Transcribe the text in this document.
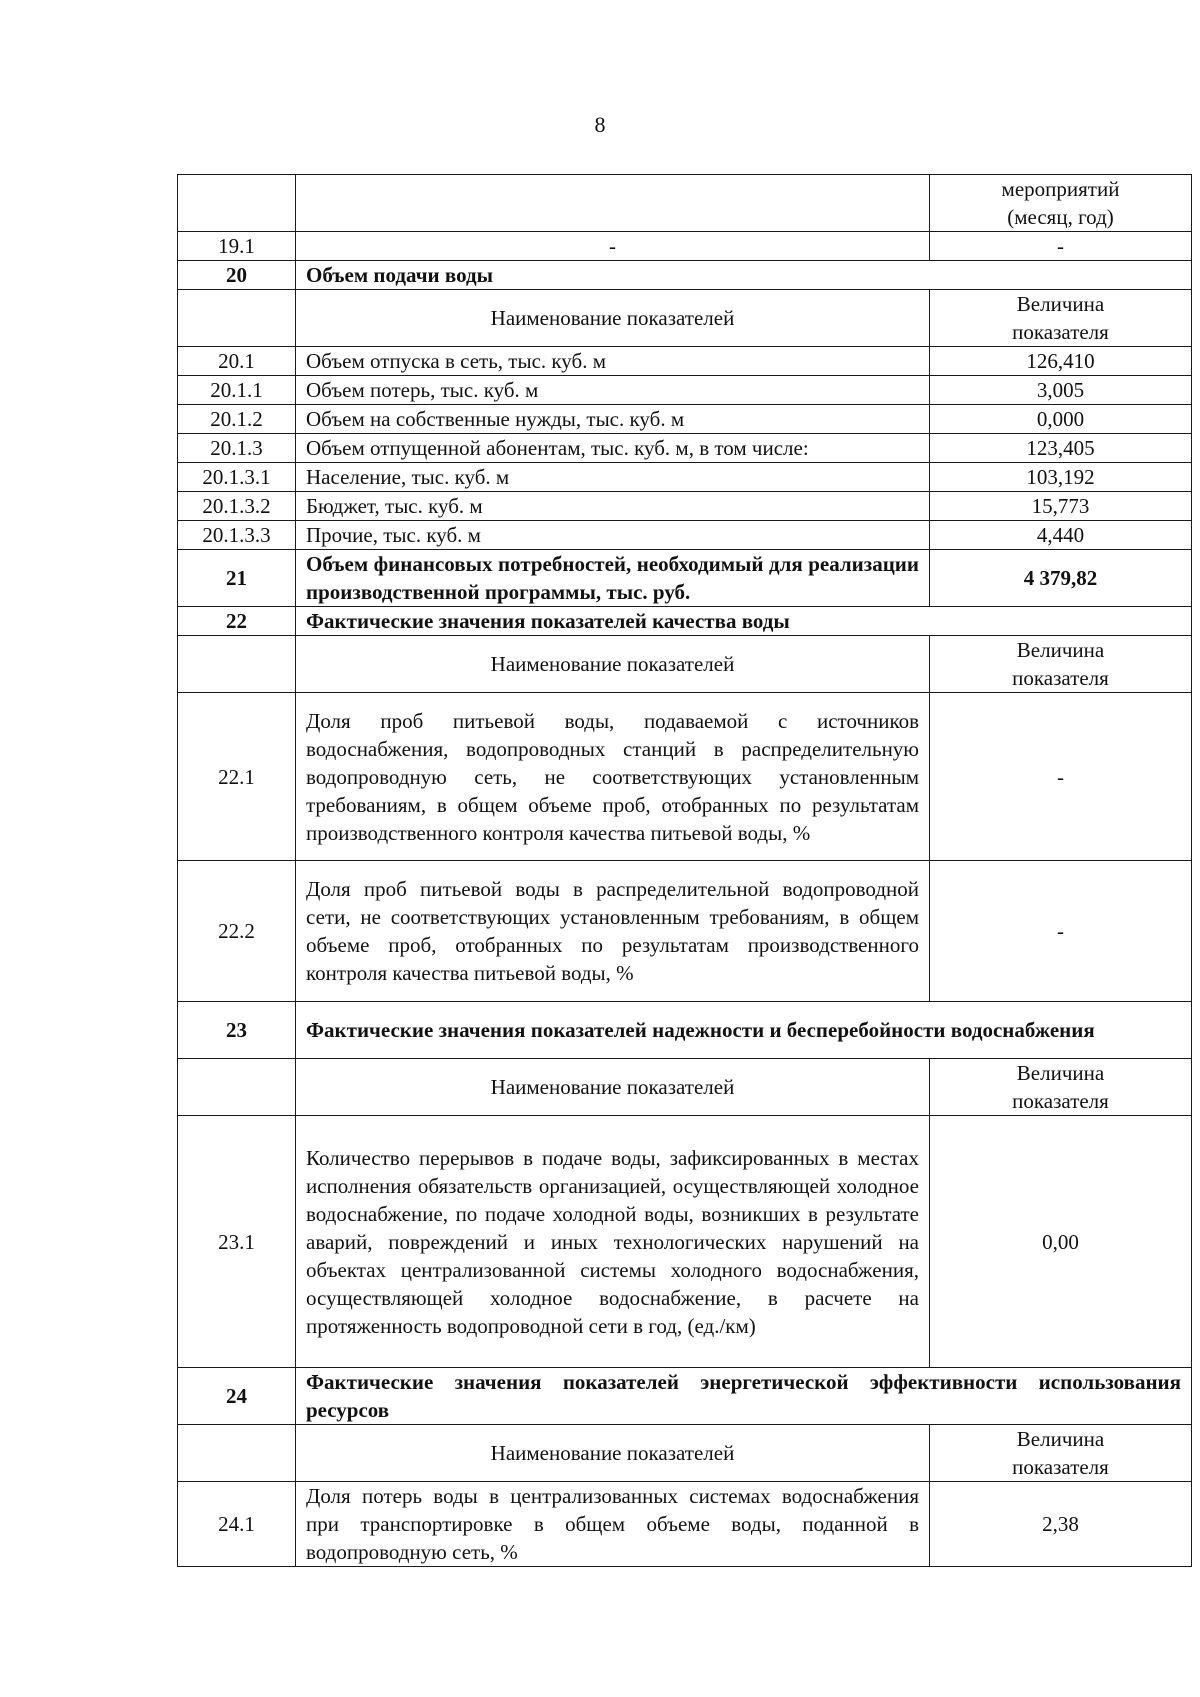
8

		мероприятий
(месяц, год)

19.1	-	-
20	Объем подачи воды	
	Наименование показателей	Величина
показателя

20.1	Объем отпуска в сеть, тыс. куб. м	126,410
20.1.1	Объем потерь, тыс. куб. м	3,005
20.1.2	Объем на собственные нужды, тыс. куб. м	0,000
20.1.3	Объем отпущенной абонентам, тыс. куб. м, в том числе:	123,405
20.1.3.1	Население, тыс. куб. м	103,192
20.1.3.2	Бюджет, тыс. куб. м	15,773
20.1.3.3	Прочие, тыс. куб. м	4,440
21	Объем финансовых потребностей, необходимый для реализации производственной программы, тыс. руб.	4 379,82
22	Фактические значения показателей качества воды	
	Наименование показателей	Величина
показателя

22.1	Доля проб питьевой воды, подаваемой с источников водоснабжения, водопроводных станций в распределительную водопроводную сеть, не соответствующих установленным требованиям, в общем объеме проб, отобранных по результатам производственного контроля качества питьевой воды, %	-
22.2	Доля проб питьевой воды в распределительной водопроводной сети, не соответствующих установленным требованиям, в общем объеме проб, отобранных по результатам производственного контроля качества питьевой воды, %	-
23	Фактические значения показателей надежности и бесперебойности водоснабжения	
	Наименование показателей	Величина
показателя

23.1	Количество перерывов в подаче воды, зафиксированных в местах исполнения обязательств организацией, осуществляющей холодное водоснабжение, по подаче холодной воды, возникших в результате аварий, повреждений и иных технологических нарушений на объектах централизованной системы холодного водоснабжения, осуществляющей холодное водоснабжение, в расчете на протяженность водопроводной сети в год, (ед./км)	0,00
24	Фактические значения показателей энергетической эффективности использования ресурсов	
	Наименование показателей	Величина
показателя

24.1	Доля потерь воды в централизованных системах водоснабжения при транспортировке в общем объеме воды, поданной в водопроводную сеть, %	2,38
